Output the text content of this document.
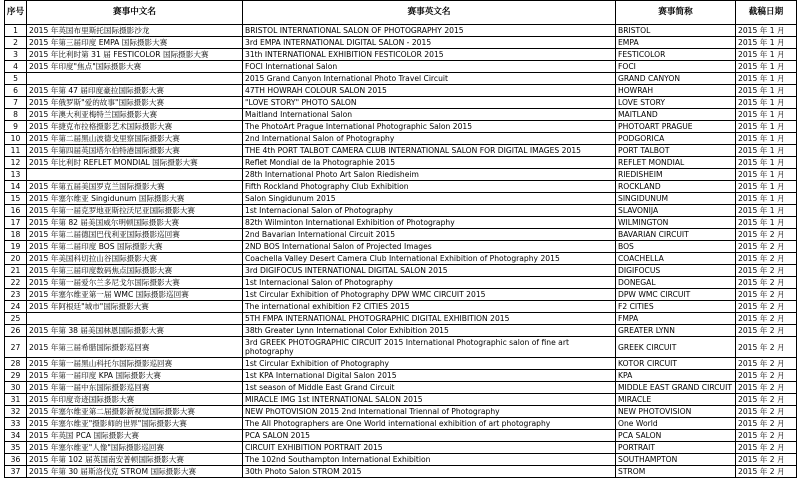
序号	赛事中文名	赛事英文名	赛事简称	截稿日期
1	2015 年英国布里斯托国际摄影沙龙	BRISTOL INTERNATIONAL SALON OF PHOTOGRAPHY 2015	BRISTOL	2015 年 1 月
2	2015 年第三届印度 EMPA 国际摄影大赛	3rd EMPA INTERNATIONAL DIGITAL SALON - 2015	EMPA	2015 年 1 月
3	2015 年比利时第 31 届 FESTICOLOR 国际摄影大赛	31th INTERNATIONAL EXHIBITION FESTICOLOR 2015	FESTICOLOR	2015 年 1 月
4	2015 年印度"焦点"国际摄影大赛	FOCI International Salon	FOCI	2015 年 1 月
5		2015 Grand Canyon International Photo Travel Circuit	GRAND CANYON	2015 年 1 月
6	2015 年第 47 届印度豪拉国际摄影大赛	47TH HOWRAH COLOUR SALON 2015	HOWRAH	2015 年 1 月
7	2015 年俄罗斯"爱的故事"国际摄影大赛	"LOVE STORY" PHOTO SALON	LOVE STORY	2015 年 1 月
8	2015 年澳大利亚梅特兰国际摄影大赛	Maitland International Salon	MAITLAND	2015 年 1 月
9	2015 年捷克布拉格摄影艺术国际摄影大赛	The PhotoArt Prague International Photographic Salon 2015	PHOTOART PRAGUE	2015 年 1 月
10	2015 年第二届黑山波德戈里察国际摄影大赛	2nd International Salon of Photography	PODGORICA	2015 年 1 月
11	2015 年第四届英国塔尔伯特港国际摄影大赛	THE 4th PORT TALBOT CAMERA CLUB INTERNATIONAL SALON FOR DIGITAL IMAGES 2015	PORT TALBOT	2015 年 1 月
12	2015 年比利时 REFLET MONDIAL 国际摄影大赛	Reflet Mondial de la Photographie 2015	REFLET MONDIAL	2015 年 1 月
13		28th International Photo Art Salon Riedisheim	RIEDISHEIM	2015 年 1 月
14	2015 年第五届美国罗克兰国际摄影大赛	Fifth Rockland Photography Club Exhibition	ROCKLAND	2015 年 1 月
15	2015 年塞尔维亚 Singidunum 国际摄影大赛	Salon Singidunum 2015	SINGIDUNUM	2015 年 1 月
16	2015 年第一届克罗地亚斯拉沃尼亚国际摄影大赛	1st Internacional Salon of Photography	SLAVONIJA	2015 年 1 月
17	2015 年第 82 届美国威尔明顿国际摄影大赛	82th Wilminton International Exhibition of Photography	WILMINGTON	2015 年 1 月
18	2015 年第二届德国巴伐利亚国际摄影巡回赛	2nd Bavarian International Circuit 2015	BAVARIAN CIRCUIT	2015 年 2 月
19	2015 年第二届印度 BOS 国际摄影大赛	2ND BOS International Salon of Projected Images	BOS	2015 年 2 月
20	2015 年美国科切拉山谷国际摄影大赛	Coachella Valley Desert Camera Club International Exhibition of Photography 2015	COACHELLA	2015 年 2 月
21	2015 年第三届印度数码焦点国际摄影大赛	3rd DIGIFOCUS INTERNATIONAL DIGITAL SALON 2015	DIGIFOCUS	2015 年 2 月
22	2015 年第一届爱尔兰多尼戈尔国际摄影大赛	1st Internacional Salon of Photography	DONEGAL	2015 年 2 月
23	2015 年塞尔维亚第一届 WMC 国际摄影巡回赛	1st Circular Exhibition of Photography DPW WMC CIRCUIT 2015	DPW WMC CIRCUIT	2015 年 2 月
24	2015 年阿根廷"城市"国际摄影大赛	The international exhibition F2 CITIES 2015	F2 CITIES	2015 年 2 月
25		5TH FMPA INTERNATIONAL PHOTOGRAPHIC DIGITAL EXHIBITION 2015	FMPA	2015 年 2 月
26	2015 年第 38 届美国林恩国际摄影大赛	38th Greater Lynn International Color Exhibition 2015	GREATER LYNN	2015 年 2 月
27	2015 年第三届希腊国际摄影巡回赛	3rd GREEK PHOTOGRAPHIC CIRCUIT 2015 International Photographic salon of fine art photography	GREEK CIRCUIT	2015 年 2 月
28	2015 年第一届黑山科托尔国际摄影巡回赛	1st Circular Exhibition of Photography	KOTOR CIRCUIT	2015 年 2 月
29	2015 年第一届印度 KPA 国际摄影大赛	1st KPA International Digital Salon 2015	KPA	2015 年 2 月
30	2015 年第一届中东国际摄影巡回赛	1st season of Middle East Grand Circuit	MIDDLE EAST GRAND CIRCUIT	2015 年 2 月
31	2015 年印度奇迹国际摄影大赛	MIRACLE IMG 1st INTERNATIONAL SALON 2015	MIRACLE	2015 年 2 月
32	2015 年塞尔维亚第二届摄影新视觉国际摄影大赛	NEW PhOTOVISION 2015 2nd International Triennal of Photography	NEW PHOTOVISION	2015 年 2 月
33	2015 年塞尔维亚"摄影师的世界"国际摄影大赛	The All Photographers are One World international exhibition of art photography	One World	2015 年 2 月
34	2015 年英国 PCA 国际摄影大赛	PCA SALON 2015	PCA SALON	2015 年 2 月
35	2015 年塞尔维亚"人像"国际摄影巡回赛	CIRCUIT EXHIBITION PORTRAIT 2015	PORTRAIT	2015 年 2 月
36	2015 年第 102 届英国南安普顿国际摄影大赛	The 102nd Southampton International Exhibition	SOUTHAMPTON	2015 年 2 月
37	2015 年第 30 届斯洛伐克 STROM 国际摄影大赛	30th Photo Salon STROM 2015	STROM	2015 年 2 月
